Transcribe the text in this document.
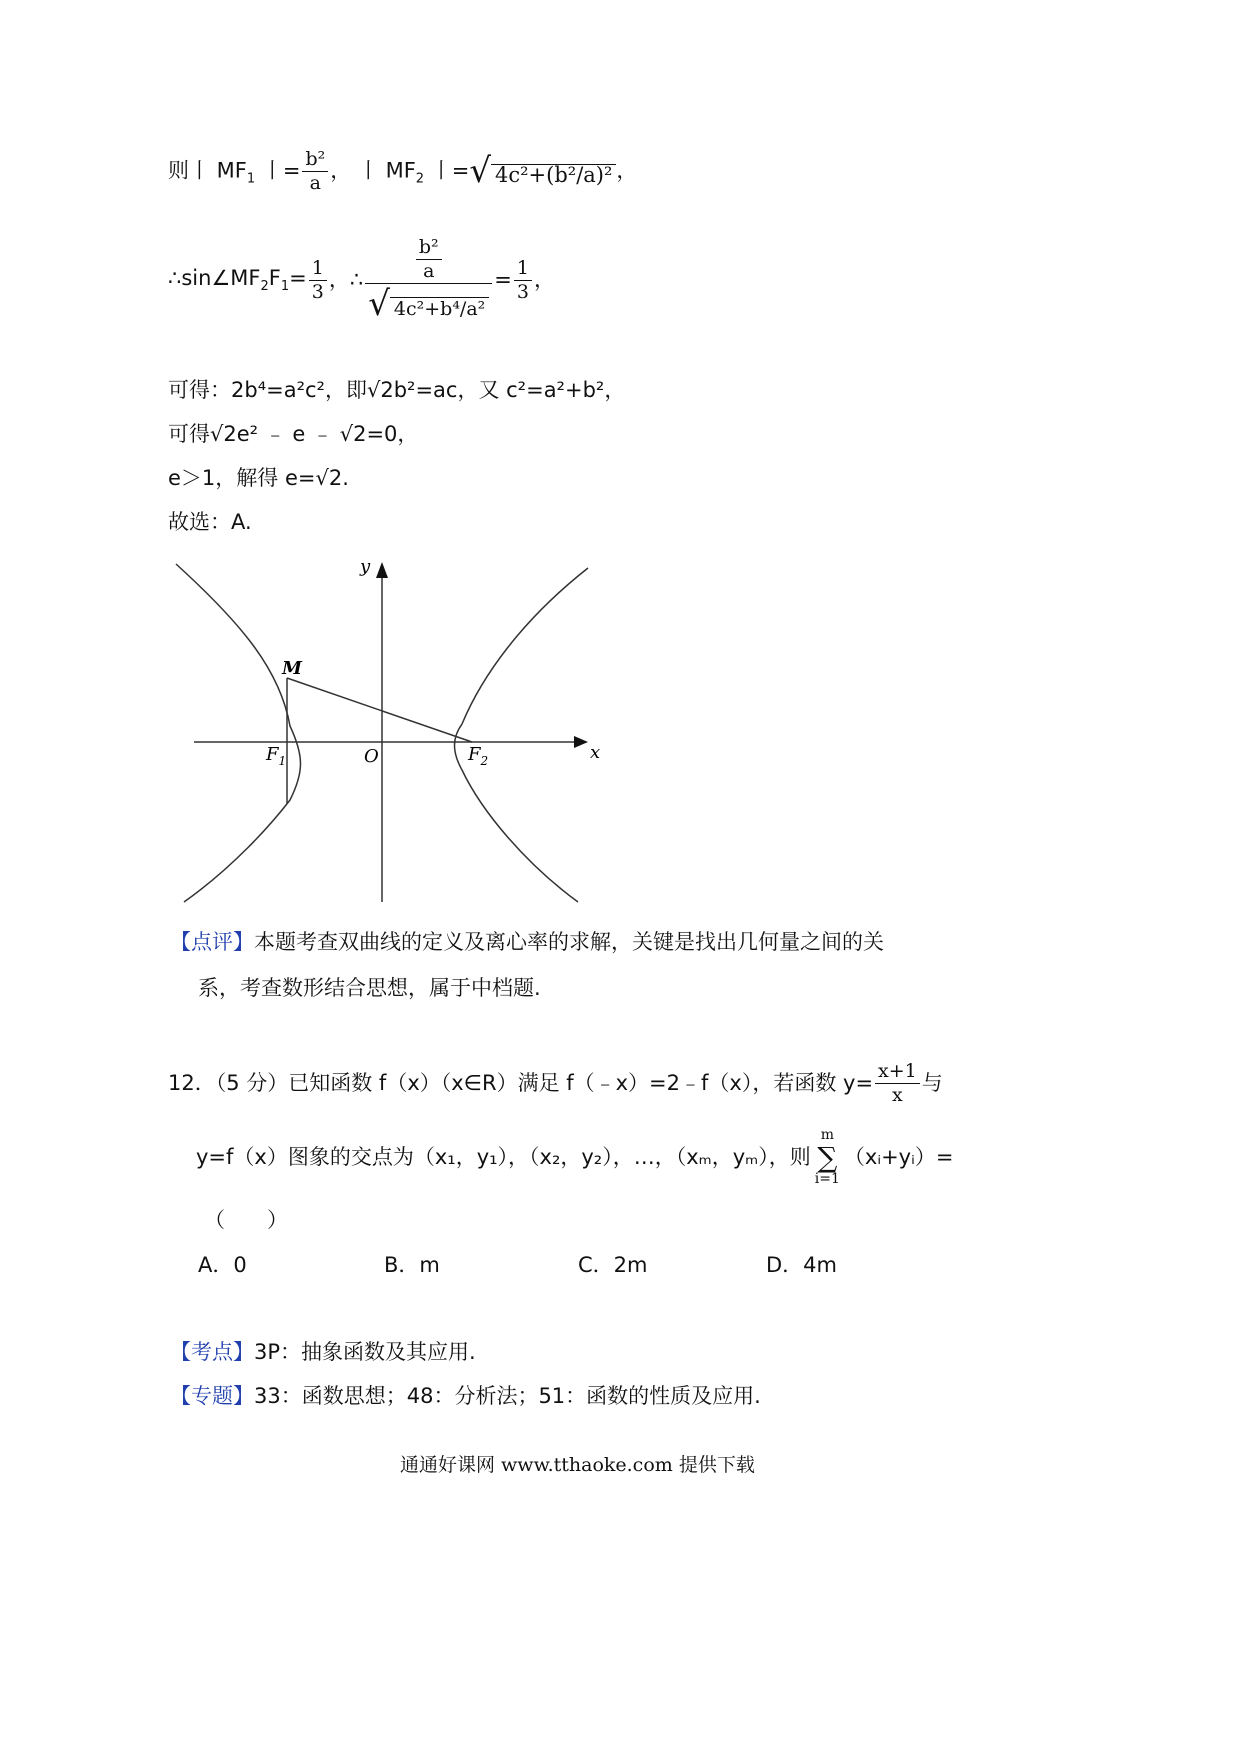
则丨 $MF_1$ 丨= $\frac{\text{b²}}{a}$ ， 丨 $MF_2$ 丨=√ 4c²+(b²/a)² ，
$\therefore\sin\angle MF_2F_1= \frac{1}{3}$ ，∴ $\frac{\frac{\text{b²}}{a}}{\text{√ 4c²+b⁴/a²}} = \frac{1}{3}$ ，
可得：2b⁴=a²c²，即√2b²=ac，又 c²=a²+b²，
可得√2e² ﹣ e ﹣ √2=0，
e＞1，解得 e=√2.
故选：A.
y
x
M
O
$F_1$	$F_2$
【点评】本题考查双曲线的定义及离心率的求解，关键是找出几何量之间的关
系，考查数形结合思想，属于中档题.
12．（5 分）已知函数 f（x）（x∈R）满足 f（﹣x）=2﹣f（x），若函数 $y= \frac{x+1}{x}$ 与
y=f（x）图象的交点为（x₁，y₁），（x₂，y₂），…，（xₘ，yₘ），则
m
∑
i=1
（xᵢ+yᵢ）=
（　　）
A．0	B．m	C．2m	D．4m
【考点】3P：抽象函数及其应用.
【专题】33：函数思想；48：分析法；51：函数的性质及应用.
通通好课网 www.tthaoke.com 提供下载
